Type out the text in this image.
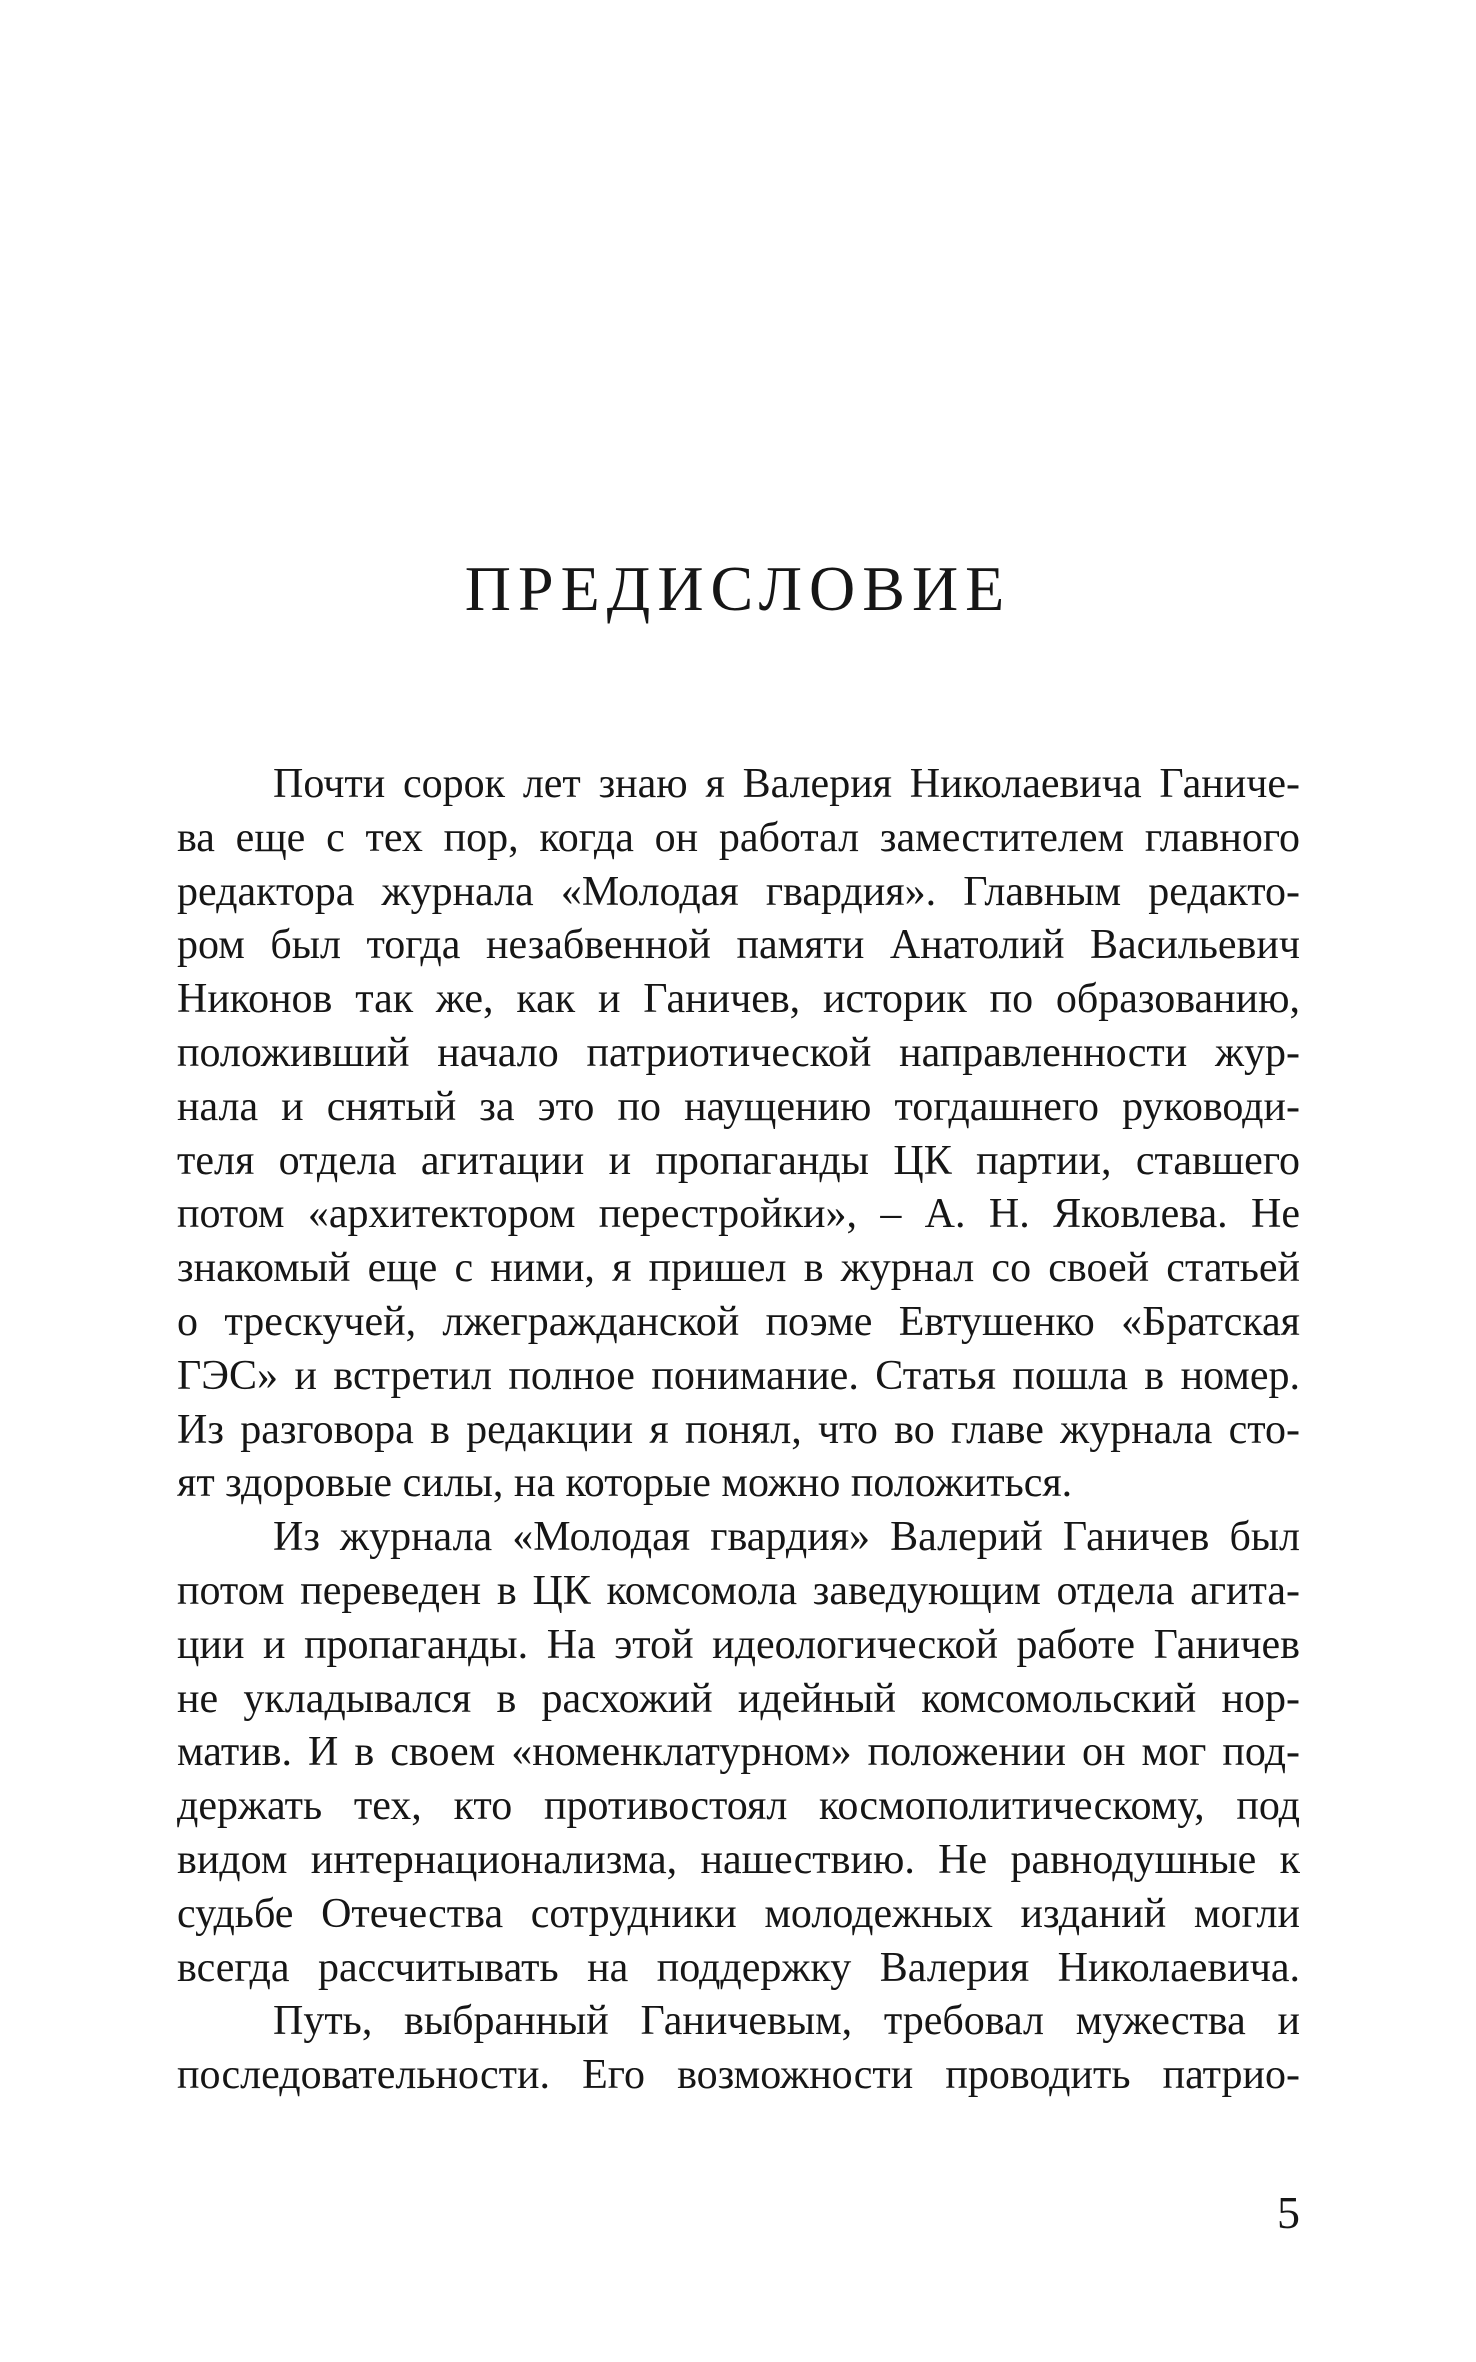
ПРЕДИСЛОВИЕ
Почти сорок лет знаю я Валерия Николаевича Ганиче-
ва еще с тех пор, когда он работал заместителем главного
редактора журнала «Молодая гвардия». Главным редакто-
ром был тогда незабвенной памяти Анатолий Васильевич
Никонов так же, как и Ганичев, историк по образованию,
положивший начало патриотической направленности жур-
нала и снятый за это по наущению тогдашнего руководи-
теля отдела агитации и пропаганды ЦК партии, ставшего
потом «архитектором перестройки», – А. Н. Яковлева. Не
знакомый еще с ними, я пришел в журнал со своей статьей
о трескучей, лжегражданской поэме Евтушенко «Братская
ГЭС» и встретил полное понимание. Статья пошла в номер.
Из разговора в редакции я понял, что во главе журнала сто-
ят здоровые силы, на которые можно положиться.
Из журнала «Молодая гвардия» Валерий Ганичев был
потом переведен в ЦК комсомола заведующим отдела агита-
ции и пропаганды. На этой идеологической работе Ганичев
не укладывался в расхожий идейный комсомольский нор-
матив. И в своем «номенклатурном» положении он мог под-
держать тех, кто противостоял космополитическому, под
видом интернационализма, нашествию. Не равнодушные к
судьбе Отечества сотрудники молодежных изданий могли
всегда рассчитывать на поддержку Валерия Николаевича.
Путь, выбранный Ганичевым, требовал мужества и
последовательности. Его возможности проводить патрио-
5
